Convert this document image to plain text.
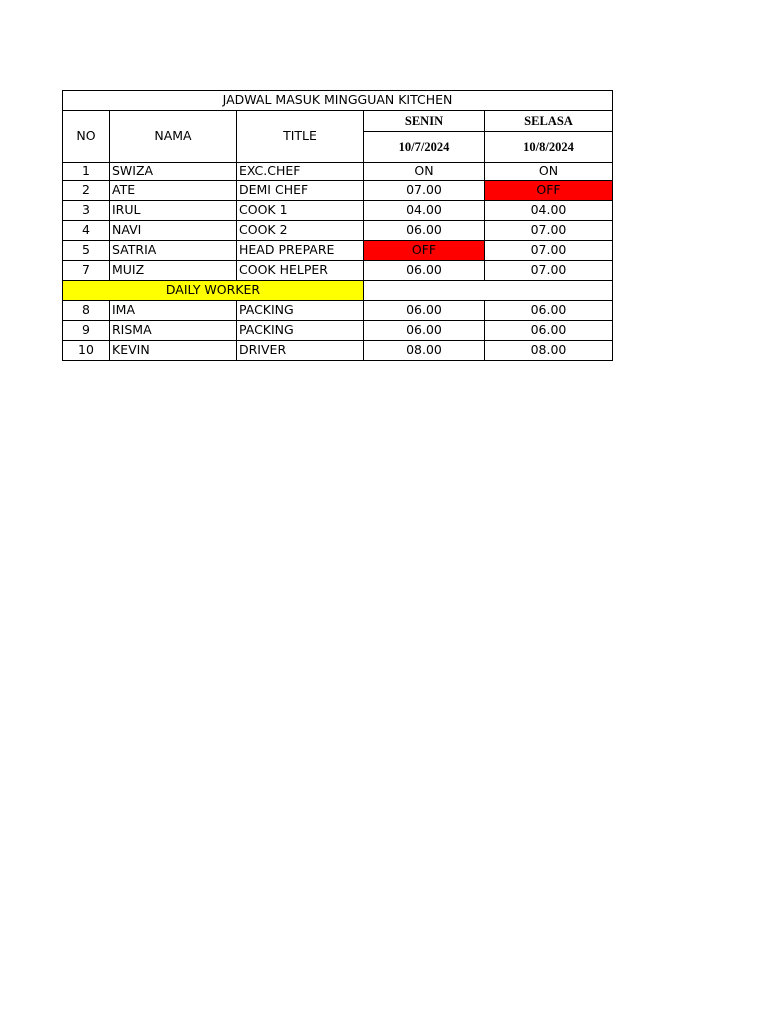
JADWAL MASUK MINGGUAN KITCHEN				
NO	NAMA	TITLE	SENIN	SELASA
			10/7/2024	10/8/2024
1	SWIZA	EXC.CHEF	ON	ON
2	ATE	DEMI CHEF	07.00	OFF
3	IRUL	COOK 1	04.00	04.00
4	NAVI	COOK 2	06.00	07.00
5	SATRIA	HEAD PREPARE	OFF	07.00
7	MUIZ	COOK HELPER	06.00	07.00
DAILY WORKER				
8	IMA	PACKING	06.00	06.00
9	RISMA	PACKING	06.00	06.00
10	KEVIN	DRIVER	08.00	08.00
